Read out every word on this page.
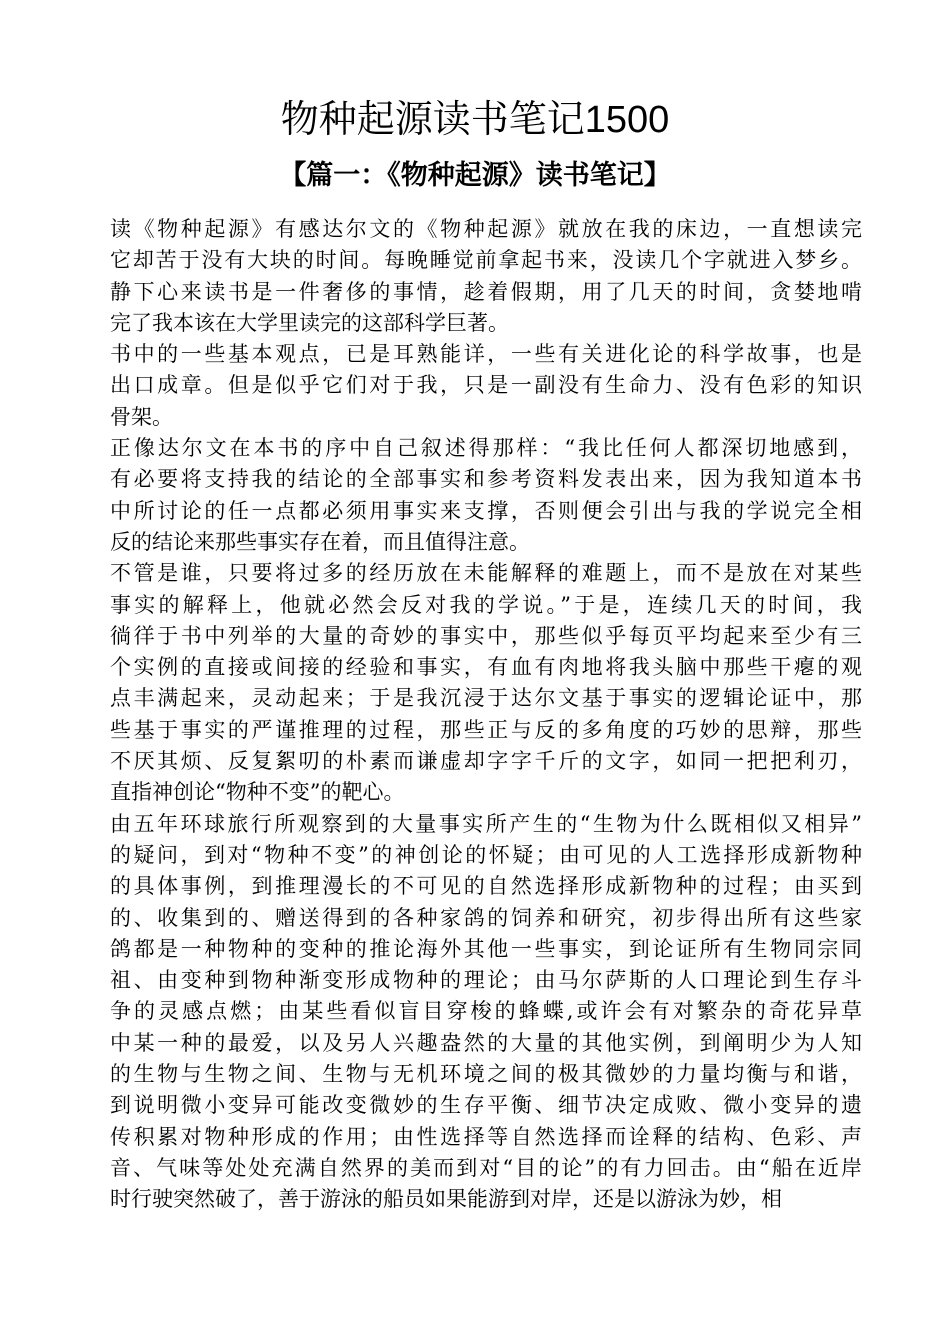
物种起源读书笔记1500
【篇一：《物种起源》读书笔记】
读《物种起源》有感达尔文的《物种起源》就放在我的床边，一直想读完
它却苦于没有大块的时间。每晚睡觉前拿起书来，没读几个字就进入梦乡。
静下心来读书是一件奢侈的事情，趁着假期，用了几天的时间，贪婪地啃
完了我本该在大学里读完的这部科学巨著。
书中的一些基本观点，已是耳熟能详，一些有关进化论的科学故事，也是
出口成章。但是似乎它们对于我，只是一副没有生命力、没有色彩的知识
骨架。
正像达尔文在本书的序中自己叙述得那样：“我比任何人都深切地感到，
有必要将支持我的结论的全部事实和参考资料发表出来，因为我知道本书
中所讨论的任一点都必须用事实来支撑，否则便会引出与我的学说完全相
反的结论来那些事实存在着，而且值得注意。
不管是谁，只要将过多的经历放在未能解释的难题上，而不是放在对某些
事实的解释上，他就必然会反对我的学说。”于是，连续几天的时间，我
徜徉于书中列举的大量的奇妙的事实中，那些似乎每页平均起来至少有三
个实例的直接或间接的经验和事实，有血有肉地将我头脑中那些干瘪的观
点丰满起来，灵动起来；于是我沉浸于达尔文基于事实的逻辑论证中，那
些基于事实的严谨推理的过程，那些正与反的多角度的巧妙的思辩，那些
不厌其烦、反复絮叨的朴素而谦虚却字字千斤的文字，如同一把把利刃，
直指神创论“物种不变”的靶心。
由五年环球旅行所观察到的大量事实所产生的“生物为什么既相似又相异”
的疑问，到对“物种不变”的神创论的怀疑；由可见的人工选择形成新物种
的具体事例，到推理漫长的不可见的自然选择形成新物种的过程；由买到
的、收集到的、赠送得到的各种家鸽的饲养和研究，初步得出所有这些家
鸽都是一种物种的变种的推论海外其他一些事实，到论证所有生物同宗同
祖、由变种到物种渐变形成物种的理论；由马尔萨斯的人口理论到生存斗
争的灵感点燃；由某些看似盲目穿梭的蜂蝶,或许会有对繁杂的奇花异草
中某一种的最爱，以及另人兴趣盎然的大量的其他实例，到阐明少为人知
的生物与生物之间、生物与无机环境之间的极其微妙的力量均衡与和谐，
到说明微小变异可能改变微妙的生存平衡、细节决定成败、微小变异的遗
传积累对物种形成的作用；由性选择等自然选择而诠释的结构、色彩、声
音、气味等处处充满自然界的美而到对“目的论”的有力回击。由“船在近岸
时行驶突然破了，善于游泳的船员如果能游到对岸，还是以游泳为妙，相
